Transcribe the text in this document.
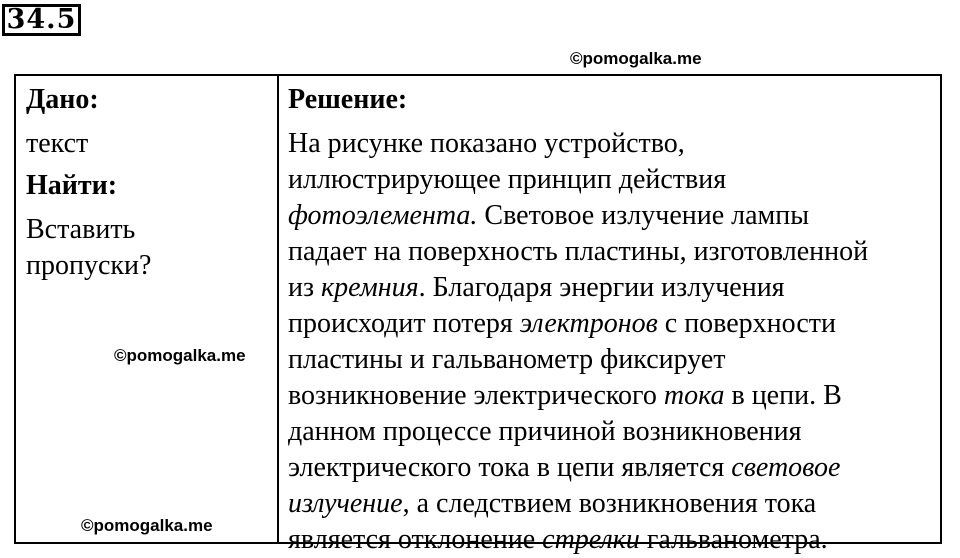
34.5
©pomogalka.me
Дано:
текст
Найти:
Вставить
пропуски?
Решение:
На рисунке показано устройство,
иллюстрирующее принцип действия
фотоэлемента. Световое излучение лампы
падает на поверхность пластины, изготовленной
из кремния. Благодаря энергии излучения
происходит потеря электронов с поверхности
пластины и гальванометр фиксирует
возникновение электрического тока в цепи. В
данном процессе причиной возникновения
электрического тока в цепи является световое
излучение, а следствием возникновения тока
является отклонение стрелки гальванометра.
©pomogalka.me
©pomogalka.me
